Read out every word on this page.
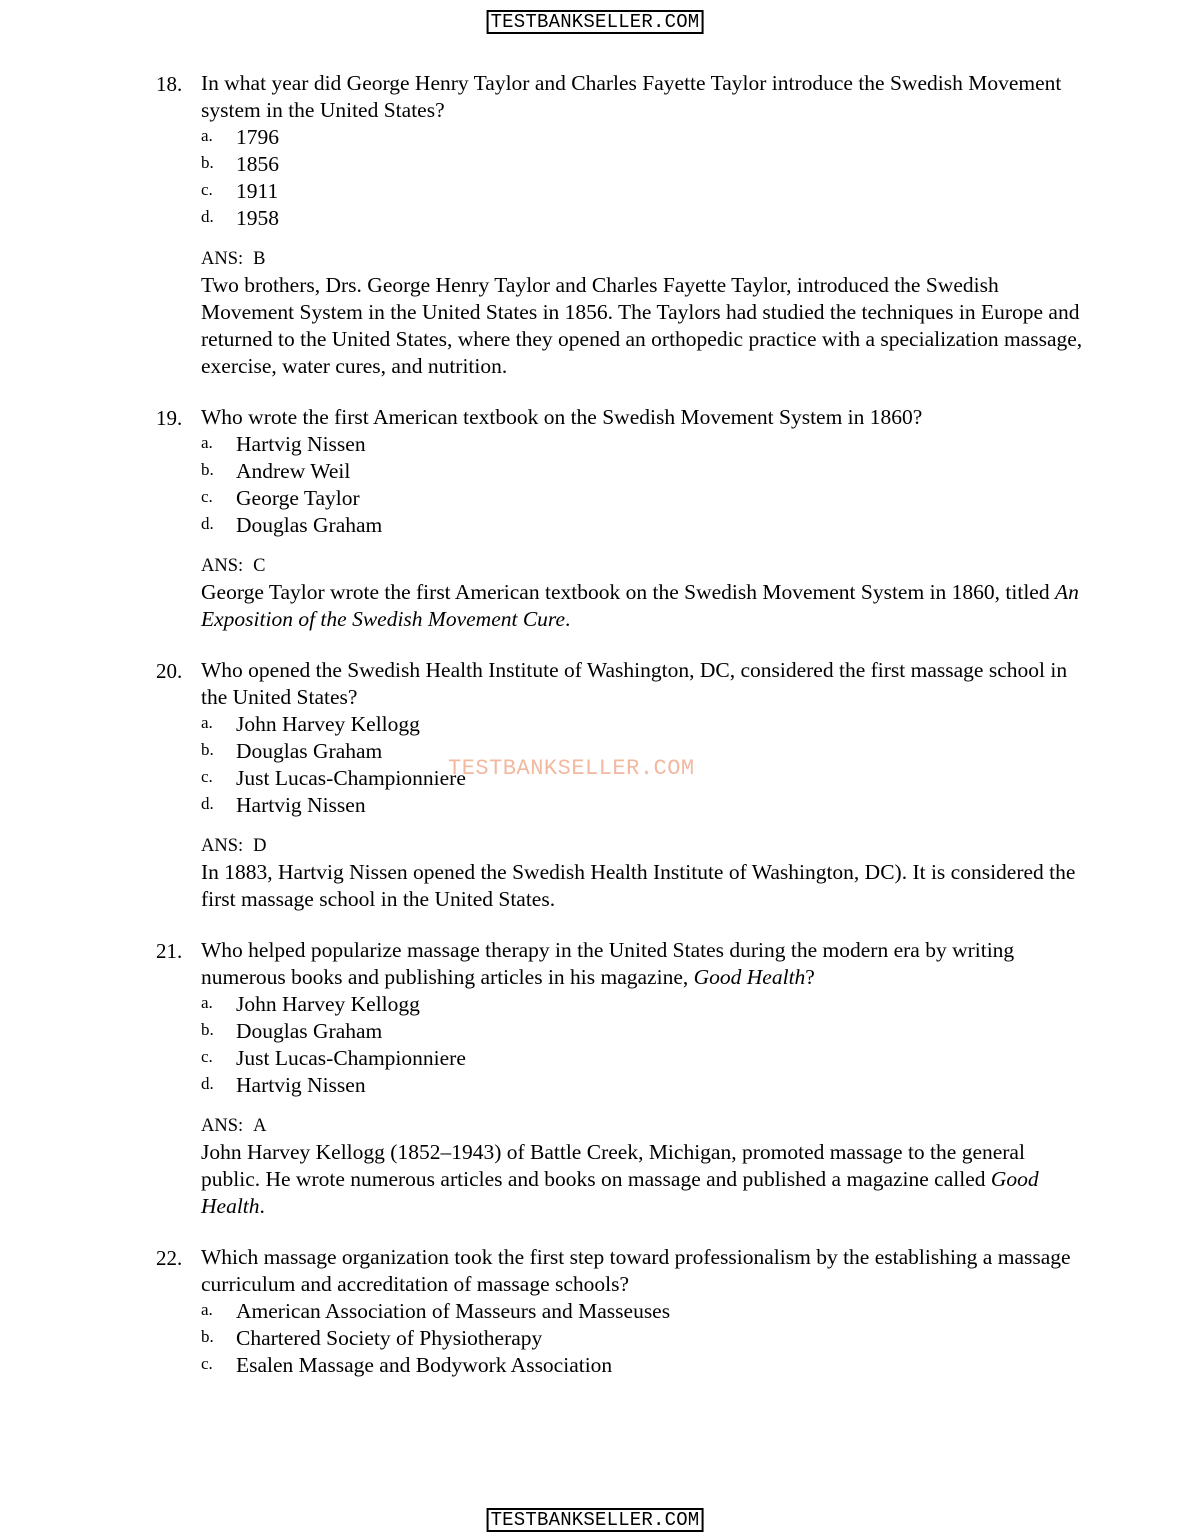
TESTBANKSELLER.COM
TESTBANKSELLER.COM
18. In what year did George Henry Taylor and Charles Fayette Taylor introduce the Swedish Movement system in the United States?
a. 1796
b. 1856
c. 1911
d. 1958
ANS: B
Two brothers, Drs. George Henry Taylor and Charles Fayette Taylor, introduced the Swedish Movement System in the United States in 1856. The Taylors had studied the techniques in Europe and returned to the United States, where they opened an orthopedic practice with a specialization massage, exercise, water cures, and nutrition.
19. Who wrote the first American textbook on the Swedish Movement System in 1860?
a. Hartvig Nissen
b. Andrew Weil
c. George Taylor
d. Douglas Graham
ANS: C
George Taylor wrote the first American textbook on the Swedish Movement System in 1860, titled An Exposition of the Swedish Movement Cure.
20. Who opened the Swedish Health Institute of Washington, DC, considered the first massage school in the United States?
a. John Harvey Kellogg
b. Douglas Graham
c. Just Lucas-Championniere
d. Hartvig Nissen
ANS: D
In 1883, Hartvig Nissen opened the Swedish Health Institute of Washington, DC). It is considered the first massage school in the United States.
21. Who helped popularize massage therapy in the United States during the modern era by writing numerous books and publishing articles in his magazine, Good Health?
a. John Harvey Kellogg
b. Douglas Graham
c. Just Lucas-Championniere
d. Hartvig Nissen
ANS: A
John Harvey Kellogg (1852–1943) of Battle Creek, Michigan, promoted massage to the general public. He wrote numerous articles and books on massage and published a magazine called Good Health.
22. Which massage organization took the first step toward professionalism by the establishing a massage curriculum and accreditation of massage schools?
a. American Association of Masseurs and Masseuses
b. Chartered Society of Physiotherapy
c. Esalen Massage and Bodywork Association
TESTBANKSELLER.COM
